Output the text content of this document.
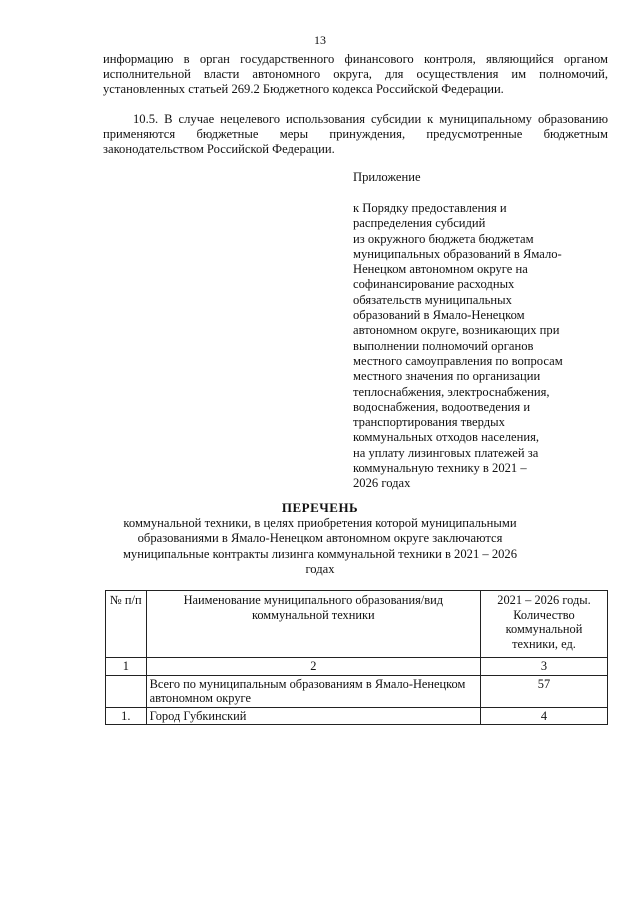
13
информацию в орган государственного финансового контроля, являющийся органом исполнительной власти автономного округа, для осуществления им полномочий, установленных статьей 269.2 Бюджетного кодекса Российской Федерации.
10.5. В случае нецелевого использования субсидии к муниципальному образованию применяются бюджетные меры принуждения, предусмотренные бюджетным законодательством Российской Федерации.
Приложение
к Порядку предоставления и
распределения субсидий
из окружного бюджета бюджетам
муниципальных образований в Ямало-
Ненецком автономном округе на
софинансирование расходных
обязательств муниципальных
образований в Ямало-Ненецком
автономном округе, возникающих при
выполнении полномочий органов
местного самоуправления по вопросам
местного значения по организации
теплоснабжения, электроснабжения,
водоснабжения, водоотведения и
транспортирования твердых
коммунальных отходов населения,
на уплату лизинговых платежей за
коммунальную технику в 2021 –
2026 годах
ПЕРЕЧЕНЬ
коммунальной техники, в целях приобретения которой муниципальными образованиями в Ямало-Ненецком автономном округе заключаются муниципальные контракты лизинга коммунальной техники в 2021 – 2026 годах
№ п/п	Наименование муниципального образования/вид коммунальной техники	2021 – 2026 годы. Количество коммунальной техники, ед.
1	2	3
	Всего по муниципальным образованиям в Ямало-Ненецком автономном округе	57
1.	Город Губкинский	4
